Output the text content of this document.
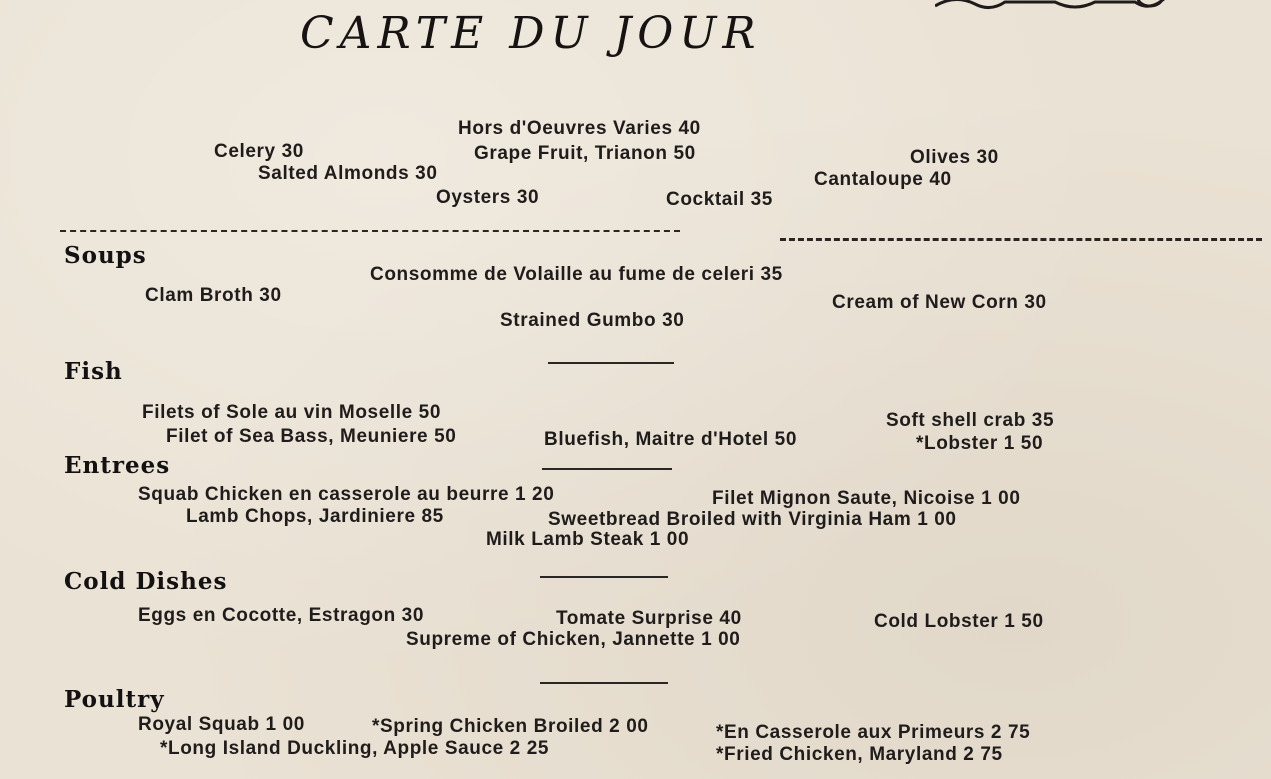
CARTE DU JOUR
Hors d'Oeuvres Varies 40
Celery 30	Grape Fruit, Trianon 50	Olives 30
Salted Almonds 30	Cantaloupe 40
Oysters 30	Cocktail 35
Soups
Consomme de Volaille au fume de celeri 35
Clam Broth 30	Cream of New Corn 30
Strained Gumbo 30
Fish
Filets of Sole au vin Moselle 50	Soft shell crab 35
Filet of Sea Bass, Meuniere 50	Bluefish, Maitre d'Hotel 50	*Lobster 1 50
Entrees
Squab Chicken en casserole au beurre 1 20	Filet Mignon Saute, Nicoise 1 00
Lamb Chops, Jardiniere 85	Sweetbread Broiled with Virginia Ham 1 00
Milk Lamb Steak 1 00
Cold Dishes
Eggs en Cocotte, Estragon 30	Tomate Surprise 40	Cold Lobster 1 50
Supreme of Chicken, Jannette 1 00
Poultry
Royal Squab 1 00	*Spring Chicken Broiled 2 00	*En Casserole aux Primeurs 2 75
*Long Island Duckling, Apple Sauce 2 25	*Fried Chicken, Maryland 2 75
